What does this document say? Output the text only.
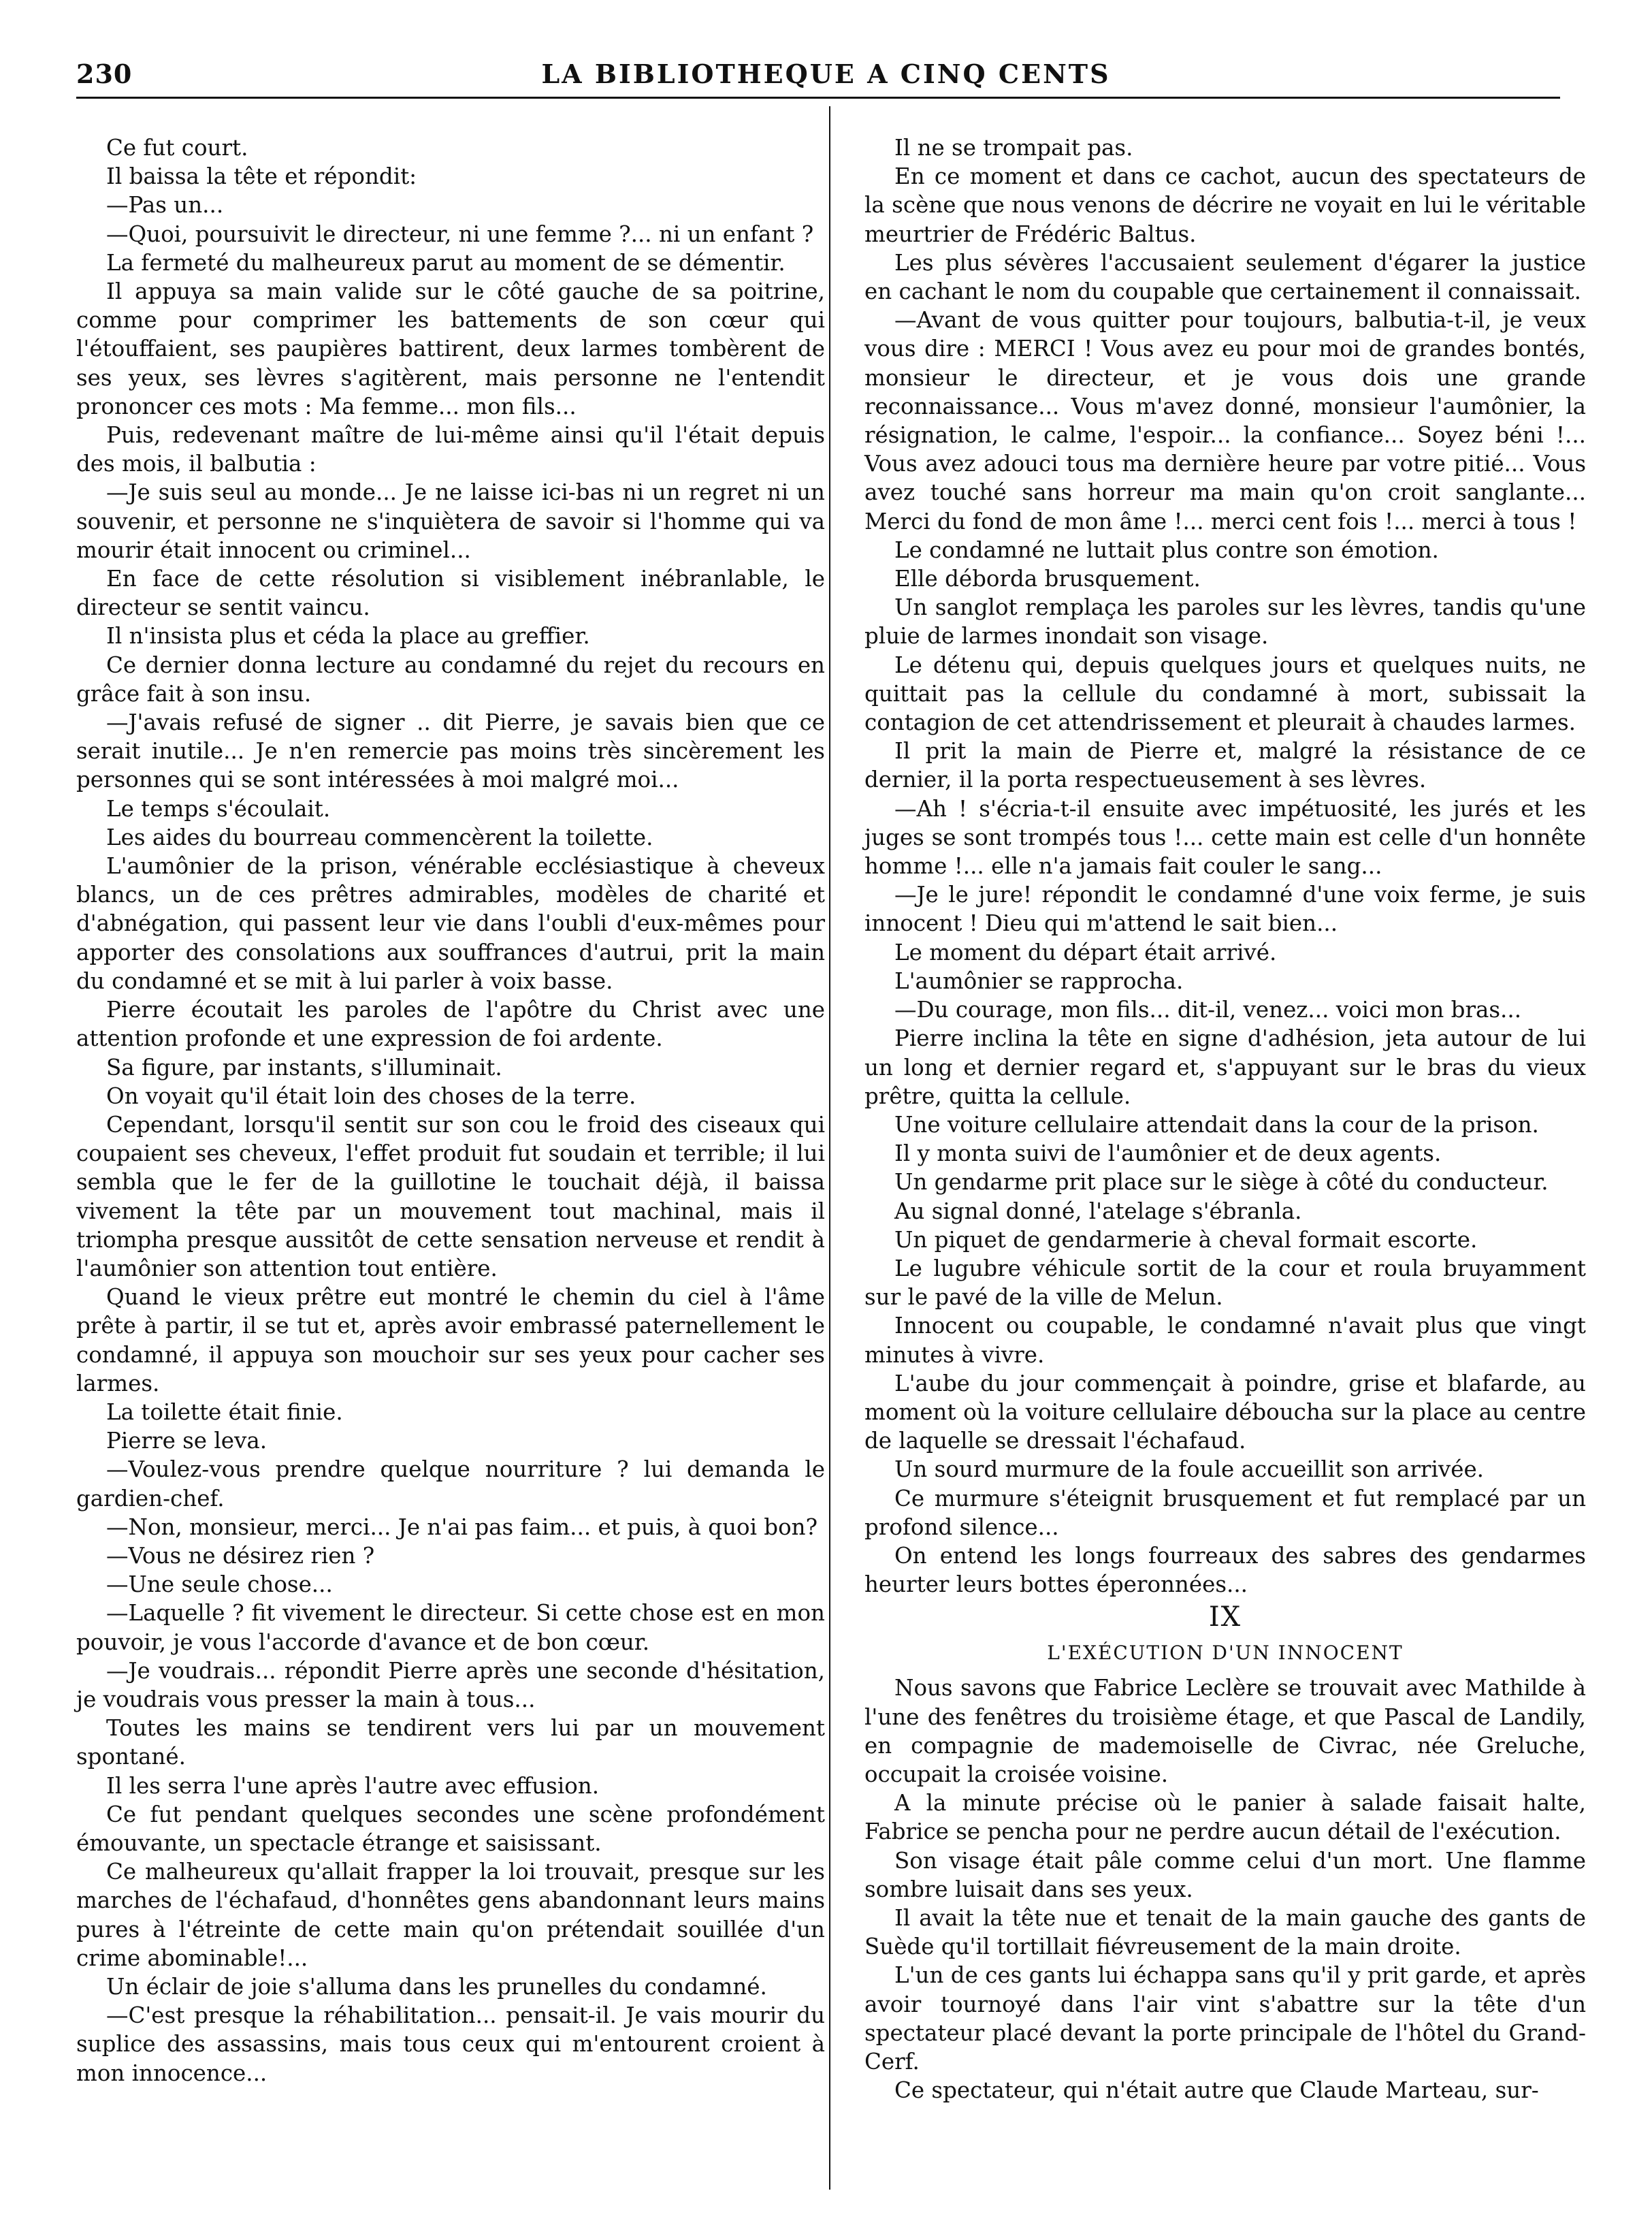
230	LA BIBLIOTHEQUE A CINQ CENTS

Ce fut court.

Il baissa la tête et répondit:

—Pas un...

—Quoi, poursuivit le directeur, ni une femme ?... ni un enfant ?

La fermeté du malheureux parut au moment de se démentir.

Il appuya sa main valide sur le côté gauche de sa poitrine, comme pour comprimer les battements de son cœur qui l'étouffaient, ses paupières battirent, deux larmes tombèrent de ses yeux, ses lèvres s'agitèrent, mais personne ne l'entendit prononcer ces mots : Ma femme... mon fils...

Puis, redevenant maître de lui-même ainsi qu'il l'était depuis des mois, il balbutia :

—Je suis seul au monde... Je ne laisse ici-bas ni un regret ni un souvenir, et personne ne s'inquiètera de savoir si l'homme qui va mourir était innocent ou criminel...

En face de cette résolution si visiblement inébranlable, le directeur se sentit vaincu.

Il n'insista plus et céda la place au greffier.

Ce dernier donna lecture au condamné du rejet du recours en grâce fait à son insu.

—J'avais refusé de signer .. dit Pierre, je savais bien que ce serait inutile... Je n'en remercie pas moins très sincèrement les personnes qui se sont intéressées à moi malgré moi...

Le temps s'écoulait.

Les aides du bourreau commencèrent la toilette.

L'aumônier de la prison, vénérable ecclésiastique à cheveux blancs, un de ces prêtres admirables, modèles de charité et d'abnégation, qui passent leur vie dans l'oubli d'eux-mêmes pour apporter des consolations aux souffrances d'autrui, prit la main du condamné et se mit à lui parler à voix basse.

Pierre écoutait les paroles de l'apôtre du Christ avec une attention profonde et une expression de foi ardente.

Sa figure, par instants, s'illuminait.

On voyait qu'il était loin des choses de la terre.

Cependant, lorsqu'il sentit sur son cou le froid des ciseaux qui coupaient ses cheveux, l'effet produit fut soudain et terrible; il lui sembla que le fer de la guillotine le touchait déjà, il baissa vivement la tête par un mouvement tout machinal, mais il triompha presque aussitôt de cette sensation nerveuse et rendit à l'aumônier son attention tout entière.

Quand le vieux prêtre eut montré le chemin du ciel à l'âme prête à partir, il se tut et, après avoir embrassé paternellement le condamné, il appuya son mouchoir sur ses yeux pour cacher ses larmes.

La toilette était finie.

Pierre se leva.

—Voulez-vous prendre quelque nourriture ? lui demanda le gardien-chef.

—Non, monsieur, merci... Je n'ai pas faim... et puis, à quoi bon?

—Vous ne désirez rien ?

—Une seule chose...

—Laquelle ? fit vivement le directeur. Si cette chose est en mon pouvoir, je vous l'accorde d'avance et de bon cœur.

—Je voudrais... répondit Pierre après une seconde d'hésitation, je voudrais vous presser la main à tous...

Toutes les mains se tendirent vers lui par un mouvement spontané.

Il les serra l'une après l'autre avec effusion.

Ce fut pendant quelques secondes une scène profondément émouvante, un spectacle étrange et saisissant.

Ce malheureux qu'allait frapper la loi trouvait, presque sur les marches de l'échafaud, d'honnêtes gens abandonnant leurs mains pures à l'étreinte de cette main qu'on prétendait souillée d'un crime abominable!...

Un éclair de joie s'alluma dans les prunelles du condamné.

—C'est presque la réhabilitation... pensait-il. Je vais mourir du suplice des assassins, mais tous ceux qui m'entourent croient à mon innocence...

Il ne se trompait pas.

En ce moment et dans ce cachot, aucun des spectateurs de la scène que nous venons de décrire ne voyait en lui le véritable meurtrier de Frédéric Baltus.

Les plus sévères l'accusaient seulement d'égarer la justice en cachant le nom du coupable que certainement il connaissait.

—Avant de vous quitter pour toujours, balbutia-t-il, je veux vous dire : MERCI ! Vous avez eu pour moi de grandes bontés, monsieur le directeur, et je vous dois une grande reconnaissance... Vous m'avez donné, monsieur l'aumônier, la résignation, le calme, l'espoir... la confiance... Soyez béni !... Vous avez adouci tous ma dernière heure par votre pitié... Vous avez touché sans horreur ma main qu'on croit sanglante... Merci du fond de mon âme !... merci cent fois !... merci à tous !

Le condamné ne luttait plus contre son émotion.

Elle déborda brusquement.

Un sanglot remplaça les paroles sur les lèvres, tandis qu'une pluie de larmes inondait son visage.

Le détenu qui, depuis quelques jours et quelques nuits, ne quittait pas la cellule du condamné à mort, subissait la contagion de cet attendrissement et pleurait à chaudes larmes.

Il prit la main de Pierre et, malgré la résistance de ce dernier, il la porta respectueusement à ses lèvres.

—Ah ! s'écria-t-il ensuite avec impétuosité, les jurés et les juges se sont trompés tous !... cette main est celle d'un honnête homme !... elle n'a jamais fait couler le sang...

—Je le jure! répondit le condamné d'une voix ferme, je suis innocent ! Dieu qui m'attend le sait bien...

Le moment du départ était arrivé.

L'aumônier se rapprocha.

—Du courage, mon fils... dit-il, venez... voici mon bras...

Pierre inclina la tête en signe d'adhésion, jeta autour de lui un long et dernier regard et, s'appuyant sur le bras du vieux prêtre, quitta la cellule.

Une voiture cellulaire attendait dans la cour de la prison.

Il y monta suivi de l'aumônier et de deux agents.

Un gendarme prit place sur le siège à côté du conducteur.

Au signal donné, l'atelage s'ébranla.

Un piquet de gendarmerie à cheval formait escorte.

Le lugubre véhicule sortit de la cour et roula bruyamment sur le pavé de la ville de Melun.

Innocent ou coupable, le condamné n'avait plus que vingt minutes à vivre.

L'aube du jour commençait à poindre, grise et blafarde, au moment où la voiture cellulaire déboucha sur la place au centre de laquelle se dressait l'échafaud.

Un sourd murmure de la foule accueillit son arrivée.

Ce murmure s'éteignit brusquement et fut remplacé par un profond silence...

On entend les longs fourreaux des sabres des gendarmes heurter leurs bottes éperonnées...

IX
L'EXÉCUTION D'UN INNOCENT

Nous savons que Fabrice Leclère se trouvait avec Mathilde à l'une des fenêtres du troisième étage, et que Pascal de Landily, en compagnie de mademoiselle de Civrac, née Greluche, occupait la croisée voisine.

A la minute précise où le panier à salade faisait halte, Fabrice se pencha pour ne perdre aucun détail de l'exécution.

Son visage était pâle comme celui d'un mort. Une flamme sombre luisait dans ses yeux.

Il avait la tête nue et tenait de la main gauche des gants de Suède qu'il tortillait fiévreusement de la main droite.

L'un de ces gants lui échappa sans qu'il y prit garde, et après avoir tournoyé dans l'air vint s'abattre sur la tête d'un spectateur placé devant la porte principale de l'hôtel du Grand-Cerf.

Ce spectateur, qui n'était autre que Claude Marteau, sur-
